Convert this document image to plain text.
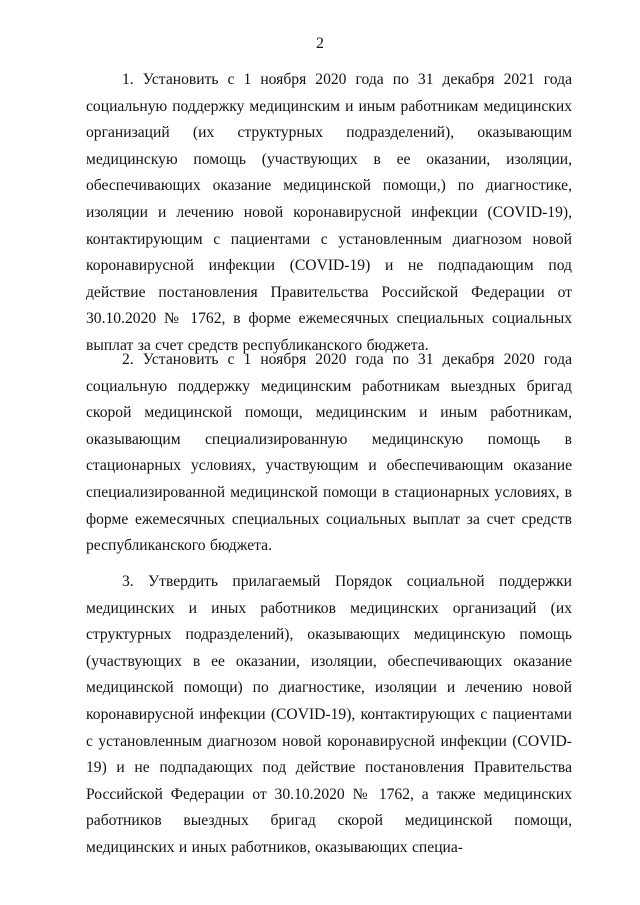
2
1. Установить с 1 ноября 2020 года по 31 декабря 2021 года социальную поддержку медицинским и иным работникам медицинских организаций (их структурных подразделений), оказывающим медицинскую помощь (участвующих в ее оказании, изоляции, обеспечивающих оказание медицинской помощи,) по диагностике, изоляции и лечению новой коронавирусной инфекции (COVID-19), контактирующим с пациентами с установленным диагнозом новой коронавирусной инфекции (COVID-19) и не подпадающим под действие постановления Правительства Российской Федерации от 30.10.2020 № 1762, в форме ежемесячных специальных социальных выплат за счет средств республиканского бюджета.
2. Установить с 1 ноября 2020 года по 31 декабря 2020 года социальную поддержку медицинским работникам выездных бригад скорой медицинской помощи, медицинским и иным работникам, оказывающим специализированную медицинскую помощь в стационарных условиях, участвующим и обеспечивающим оказание специализированной медицинской помощи в стационарных условиях, в форме ежемесячных специальных социальных выплат за счет средств республиканского бюджета.
3. Утвердить прилагаемый Порядок социальной поддержки медицинских и иных работников медицинских организаций (их структурных подразделений), оказывающих медицинскую помощь (участвующих в ее оказании, изоляции, обеспечивающих оказание медицинской помощи) по диагностике, изоляции и лечению новой коронавирусной инфекции (COVID-19), контактирующих с пациентами с установленным диагнозом новой коронавирусной инфекции (COVID-19) и не подпадающих под действие постановления Правительства Российской Федерации от 30.10.2020 № 1762, а также медицинских работников выездных бригад скорой медицинской помощи, медицинских и иных работников, оказывающих специа-
